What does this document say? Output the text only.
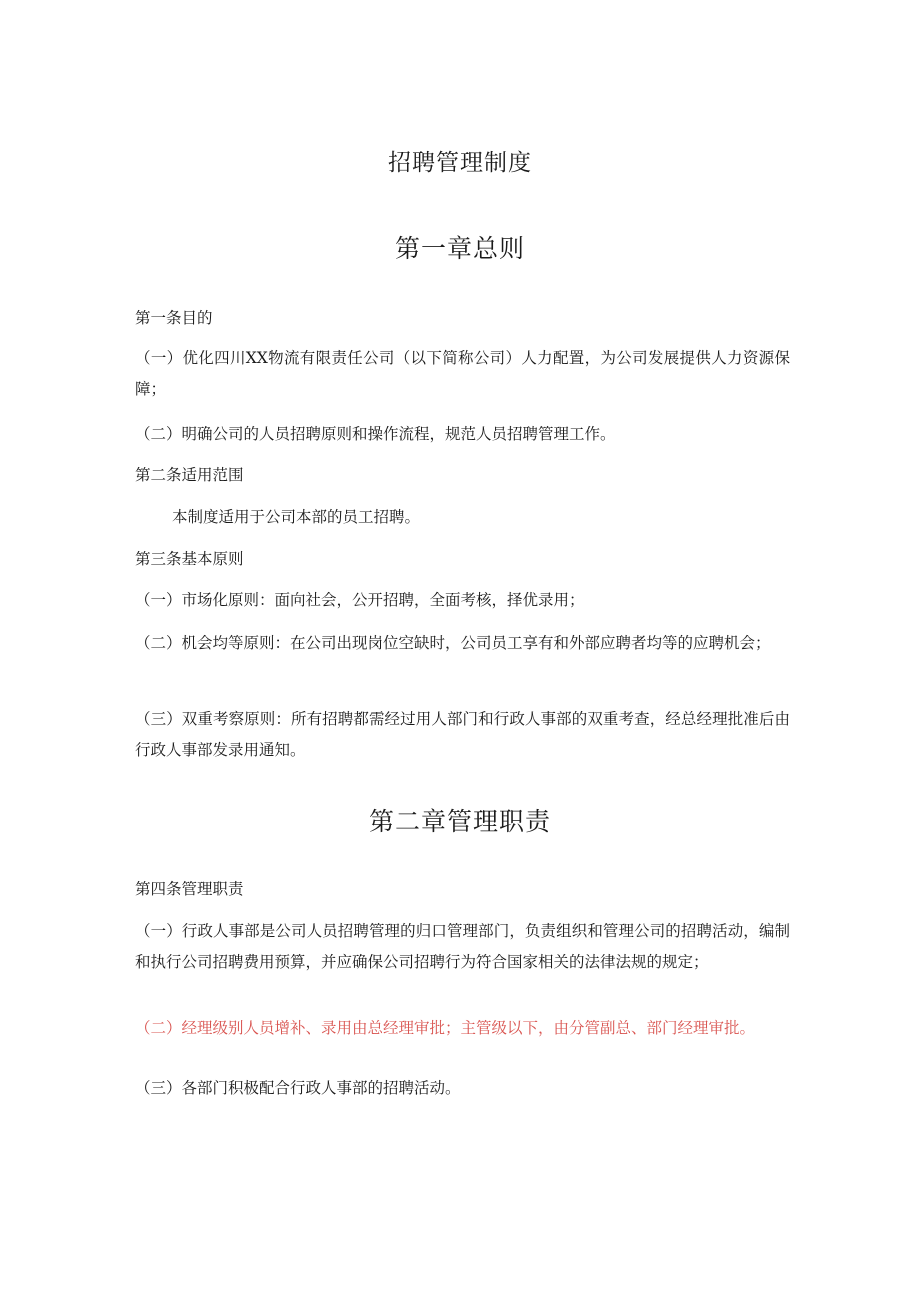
招聘管理制度
第一章总则

第一条目的

（一）优化四川XX物流有限责任公司（以下简称公司）人力配置，为公司发展提供人力资源保障；

（二）明确公司的人员招聘原则和操作流程，规范人员招聘管理工作。

第二条适用范围

本制度适用于公司本部的员工招聘。

第三条基本原则

（一）市场化原则：面向社会，公开招聘，全面考核，择优录用；

（二）机会均等原则：在公司出现岗位空缺时，公司员工享有和外部应聘者均等的应聘机会；

（三）双重考察原则：所有招聘都需经过用人部门和行政人事部的双重考查，经总经理批准后由行政人事部发录用通知。

第二章管理职责

第四条管理职责

（一）行政人事部是公司人员招聘管理的归口管理部门，负责组织和管理公司的招聘活动，编制和执行公司招聘费用预算，并应确保公司招聘行为符合国家相关的法律法规的规定；

（二）经理级别人员增补、录用由总经理审批；主管级以下，由分管副总、部门经理审批。

（三）各部门积极配合行政人事部的招聘活动。
